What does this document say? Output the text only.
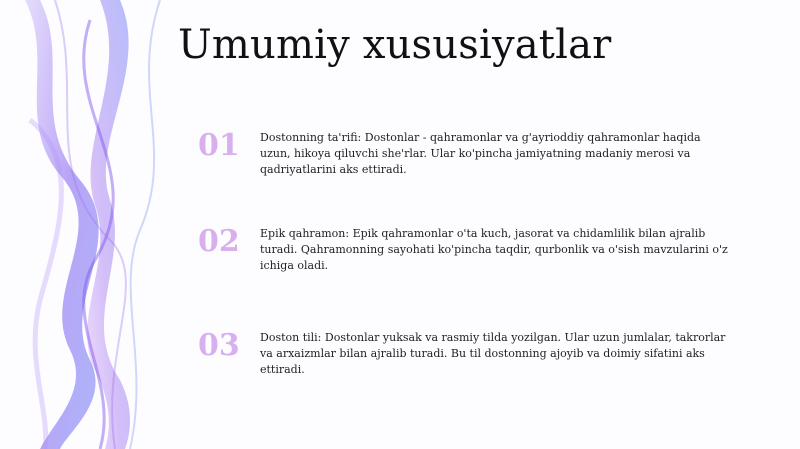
Umumiy xususiyatlar
01	Dostonning ta'rifi: Dostonlar - qahramonlar va g'ayrioddiy qahramonlar haqida uzun, hikoya qiluvchi she'rlar. Ular ko'pincha jamiyatning madaniy merosi va qadriyatlarini aks ettiradi.
02	Epik qahramon: Epik qahramonlar o'ta kuch, jasorat va chidamlilik bilan ajralib turadi. Qahramonning sayohati ko'pincha taqdir, qurbonlik va o'sish mavzularini o'z ichiga oladi.
03	Doston tili: Dostonlar yuksak va rasmiy tilda yozilgan. Ular uzun jumlalar, takrorlar va arxaizmlar bilan ajralib turadi. Bu til dostonning ajoyib va doimiy sifatini aks ettiradi.
